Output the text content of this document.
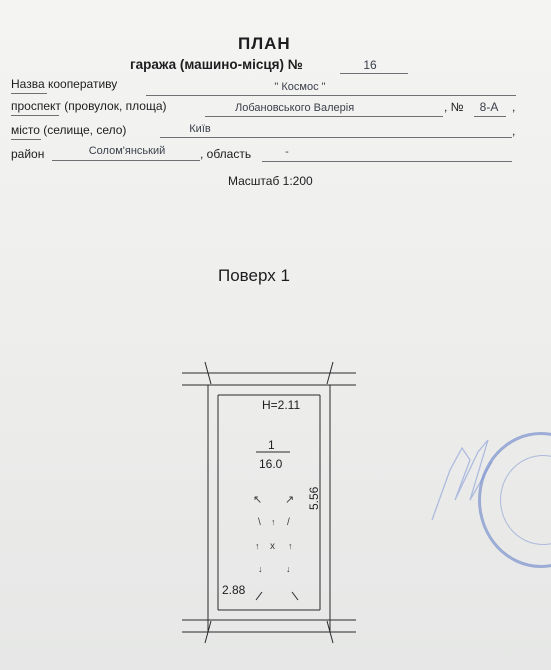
ПЛАН
гаража (машино-місця) №	16
Назва кооперативу	" Космос "
проспект (провулок, площа)	Лобановського Валерія	, №	8-А	,
місто (селище, село)	Київ	,
район	Солом'янський	, область	-
Масштаб 1:200
Поверх 1
H=2.11
1
16.0
5.56
2.88
↖ ↗
\ ↑ /
↑ x ↑
↓	↓
